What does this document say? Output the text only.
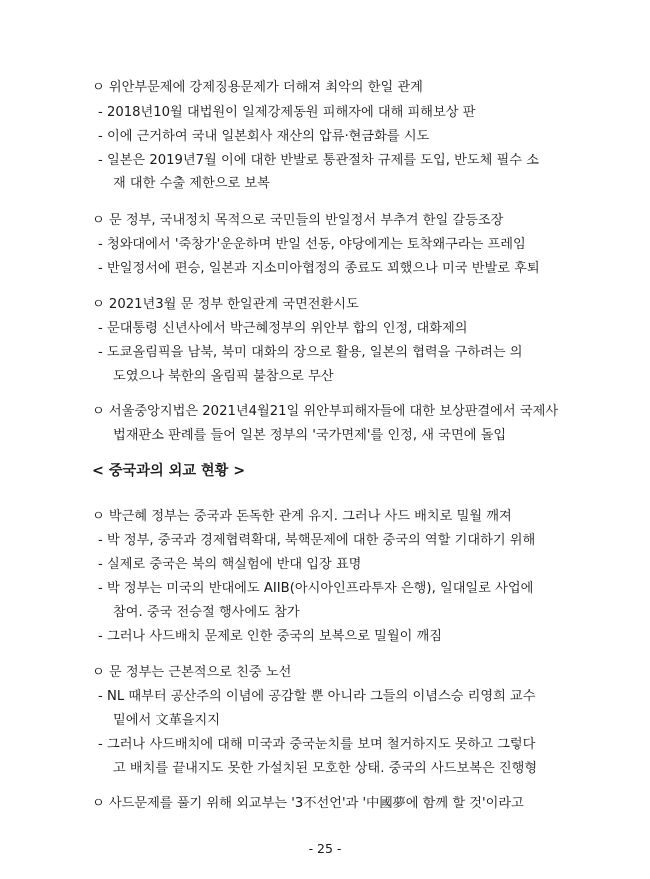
ㅇ 위안부문제에 강제징용문제가 더해져 최악의 한일 관계
- 2018년10월 대법원이 일제강제동원 피해자에 대해 피해보상 판
- 이에 근거하여 국내 일본회사 재산의 압류·현금화를 시도
- 일본은 2019년7월 이에 대한 반발로 통관절차 규제를 도입, 반도체 필수 소
재 대한 수출 제한으로 보복
ㅇ 문 정부, 국내정치 목적으로 국민들의 반일정서 부추겨 한일 갈등조장
- 청와대에서 '죽창가'운운하며 반일 선동, 야당에게는 토착왜구라는 프레임
- 반일정서에 편승, 일본과 지소미아협정의 종료도 꾀했으나 미국 반발로 후퇴
ㅇ 2021년3월 문 정부 한일관계 국면전환시도
- 문대통령 신년사에서 박근혜정부의 위안부 합의 인정, 대화제의
- 도쿄올림픽을 남북, 북미 대화의 장으로 활용, 일본의 협력을 구하려는 의
도였으나 북한의 올림픽 불참으로 무산
ㅇ 서울중앙지법은 2021년4월21일 위안부피해자들에 대한 보상판결에서 국제사
법재판소 판례를 들어 일본 정부의 '국가면제'를 인정, 새 국면에 돌입
< 중국과의 외교 현황 >
ㅇ 박근혜 정부는 중국과 돈독한 관계 유지. 그러나 사드 배치로 밀월 깨져
- 박 정부, 중국과 경제협력확대, 북핵문제에 대한 중국의 역할 기대하기 위해
- 실제로 중국은 북의 핵실험에 반대 입장 표명
- 박 정부는 미국의 반대에도 AIIB(아시아인프라투자 은행), 일대일로 사업에
참여. 중국 전승절 행사에도 참가
- 그러나 사드배치 문제로 인한 중국의 보복으로 밀월이 깨짐
ㅇ 문 정부는 근본적으로 친중 노선
- NL 때부터 공산주의 이념에 공감할 뿐 아니라 그들의 이념스승 리영희 교수
밑에서 文革을지지
- 그러나 사드배치에 대해 미국과 중국눈치를 보며 철거하지도 못하고 그렇다
고 배치를 끝내지도 못한 가설치된 모호한 상태. 중국의 사드보복은 진행형
ㅇ 사드문제를 풀기 위해 외교부는 '3不선언'과 '中國夢에 함께 할 것'이라고
- 25 -
